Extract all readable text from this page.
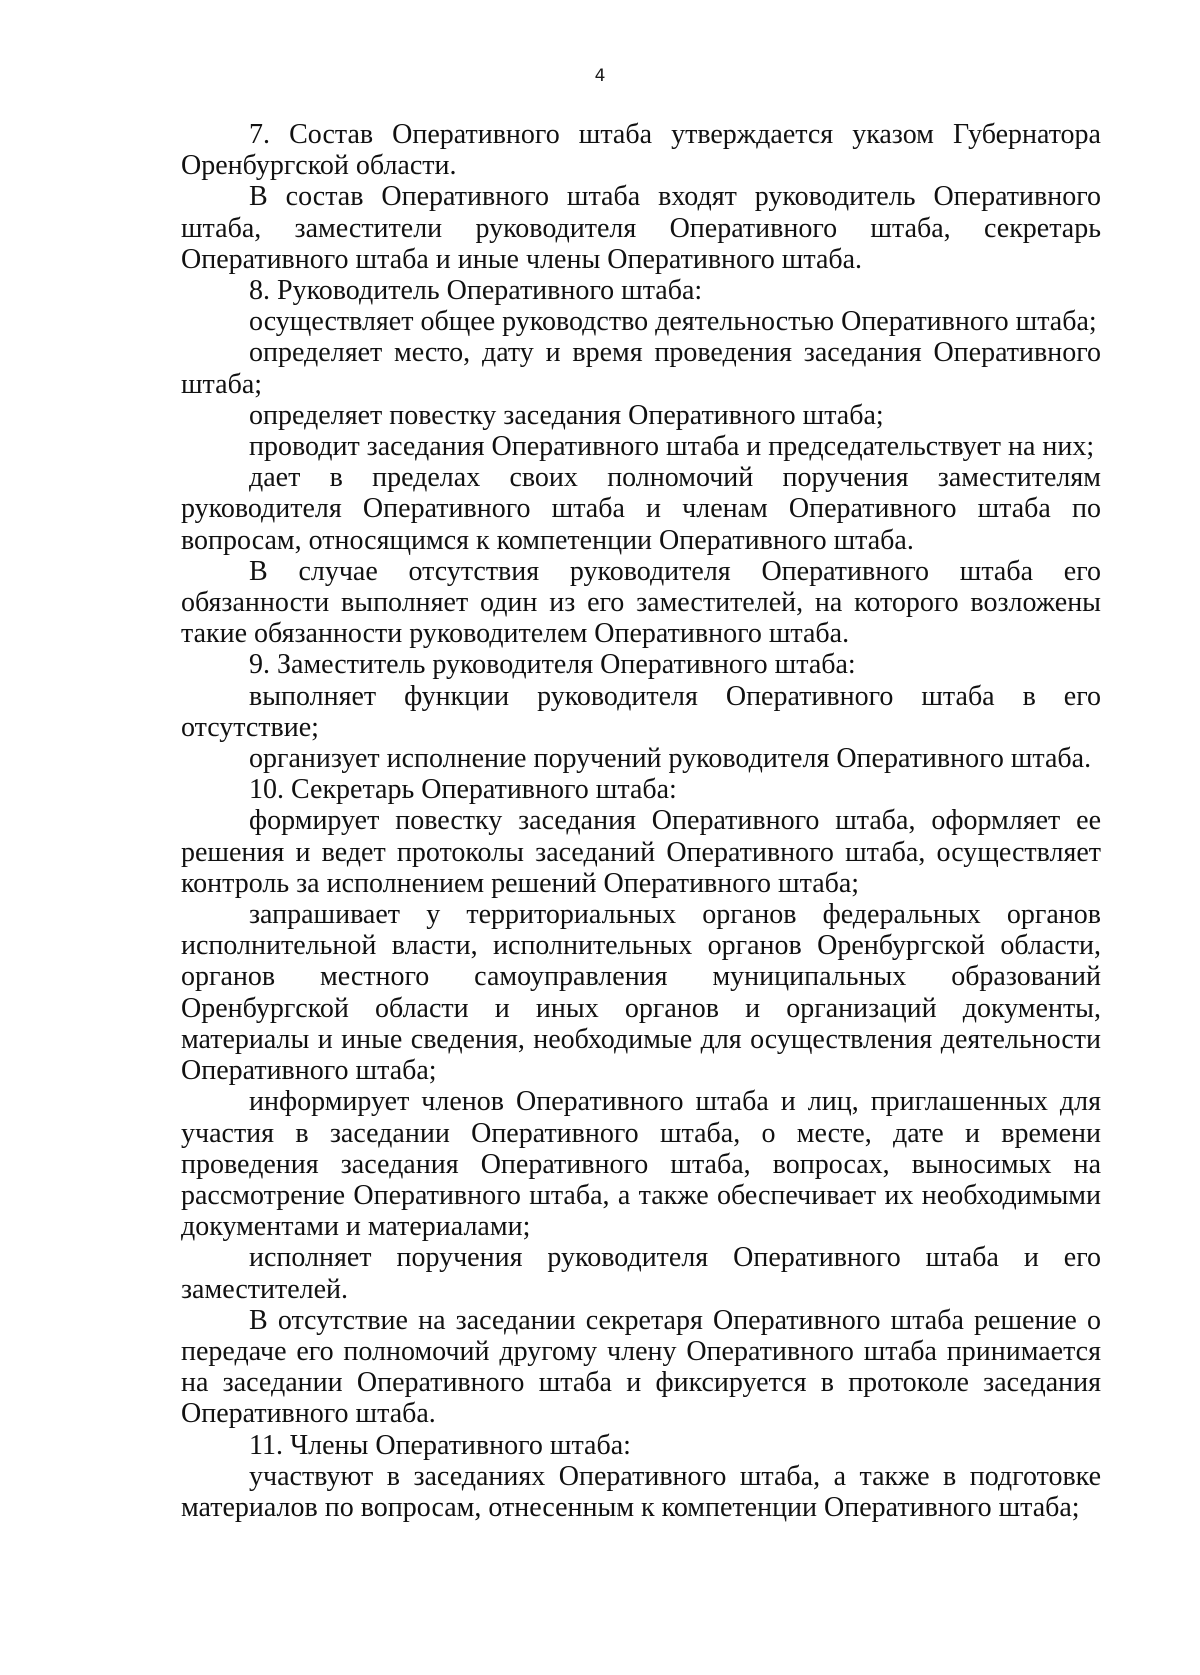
4

7. Состав Оперативного штаба утверждается указом Губернатора Оренбургской области.

В состав Оперативного штаба входят руководитель Оперативного штаба, заместители руководителя Оперативного штаба, секретарь Оперативного штаба и иные члены Оперативного штаба.

8. Руководитель Оперативного штаба:

осуществляет общее руководство деятельностью Оперативного штаба;

определяет место, дату и время проведения заседания Оперативного штаба;

определяет повестку заседания Оперативного штаба;

проводит заседания Оперативного штаба и председательствует на них;

дает в пределах своих полномочий поручения заместителям руководителя Оперативного штаба и членам Оперативного штаба по вопросам, относящимся к компетенции Оперативного штаба.

В случае отсутствия руководителя Оперативного штаба его обязанности выполняет один из его заместителей, на которого возложены такие обязанности руководителем Оперативного штаба.

9. Заместитель руководителя Оперативного штаба:

выполняет функции руководителя Оперативного штаба в его отсутствие;

организует исполнение поручений руководителя Оперативного штаба.

10. Секретарь Оперативного штаба:

формирует повестку заседания Оперативного штаба, оформляет ее решения и ведет протоколы заседаний Оперативного штаба, осуществляет контроль за исполнением решений Оперативного штаба;

запрашивает у территориальных органов федеральных органов исполнительной власти, исполнительных органов Оренбургской области, органов местного самоуправления муниципальных образований Оренбургской области и иных органов и организаций документы, материалы и иные сведения, необходимые для осуществления деятельности Оперативного штаба;

информирует членов Оперативного штаба и лиц, приглашенных для участия в заседании Оперативного штаба, о месте, дате и времени проведения заседания Оперативного штаба, вопросах, выносимых на рассмотрение Оперативного штаба, а также обеспечивает их необходимыми документами и материалами;

исполняет поручения руководителя Оперативного штаба и его заместителей.

В отсутствие на заседании секретаря Оперативного штаба решение о передаче его полномочий другому члену Оперативного штаба принимается на заседании Оперативного штаба и фиксируется в протоколе заседания Оперативного штаба.

11. Члены Оперативного штаба:

участвуют в заседаниях Оперативного штаба, а также в подготовке материалов по вопросам, отнесенным к компетенции Оперативного штаба;
